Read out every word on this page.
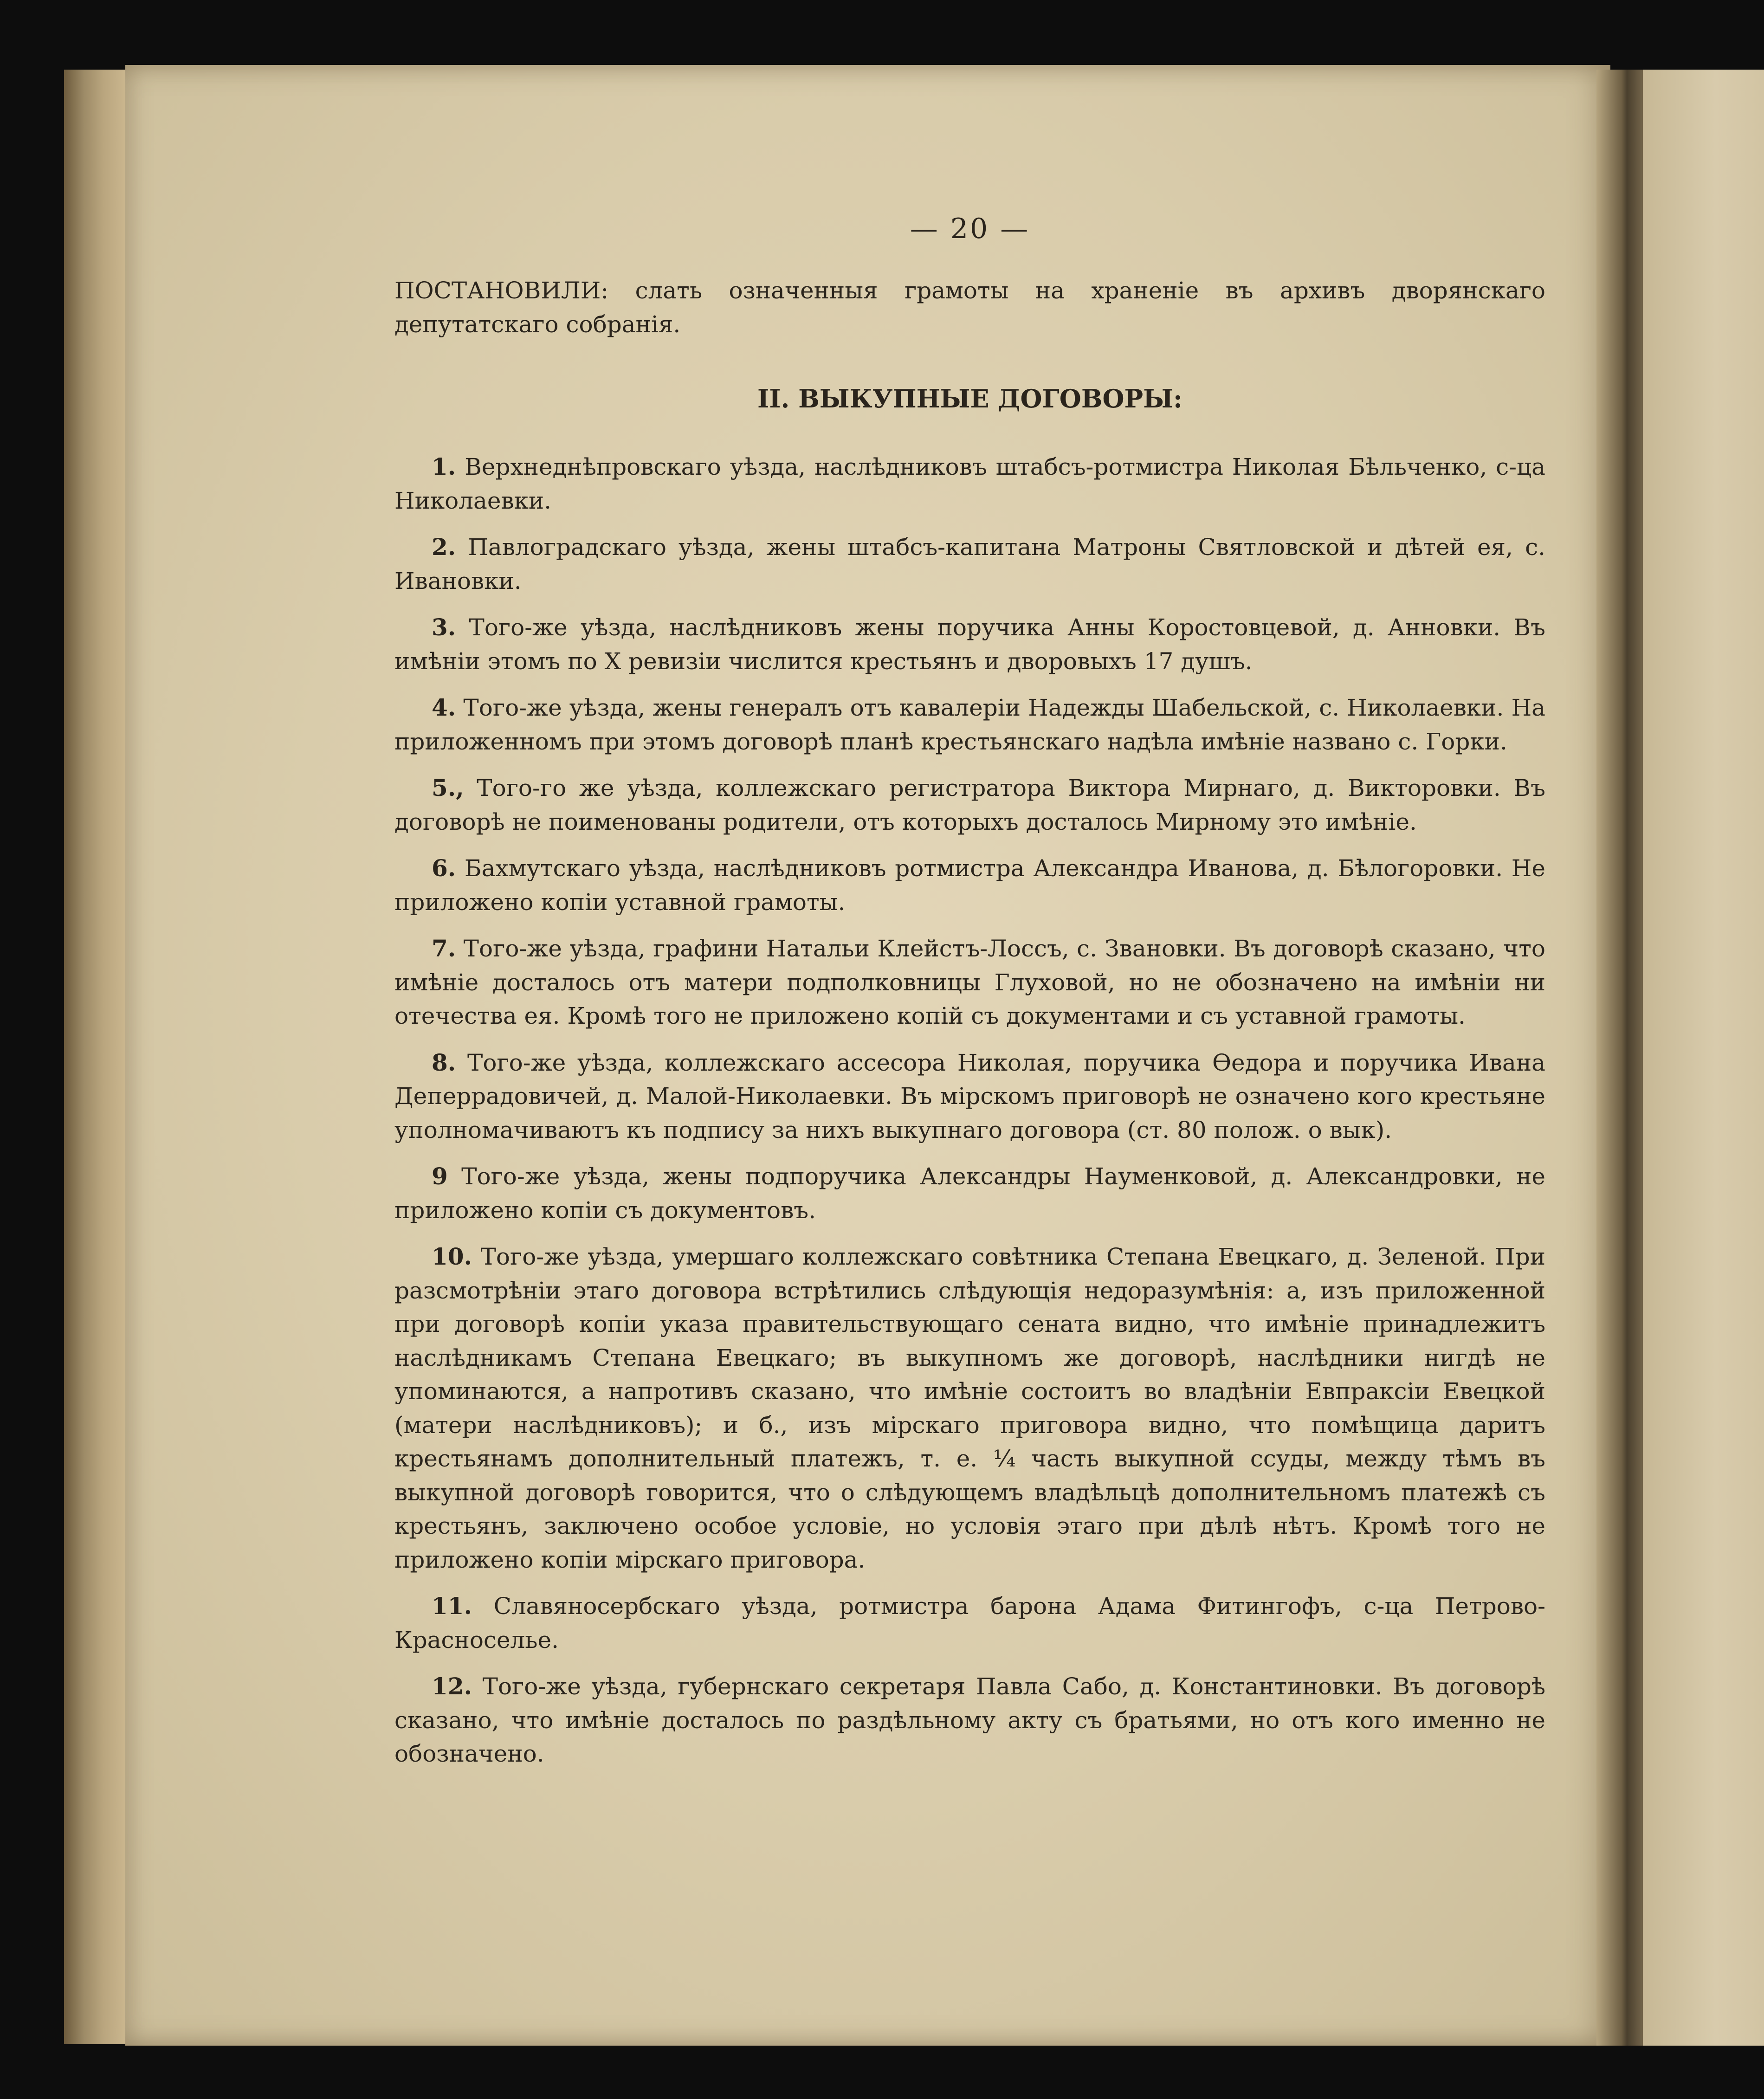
— 20 —
ПОСТАНОВИЛИ: слать означенныя грамоты на храненіе въ архивъ дворянскаго депутатскаго собранія.
II. ВЫКУПНЫЕ ДОГОВОРЫ:

1. Верхнеднѣпровскаго уѣзда, наслѣдниковъ штабсъ-ротмистра Николая Бѣльченко, с-ца Николаевки.

2. Павлоградскаго уѣзда, жены штабсъ-капитана Матроны Святловской и дѣтей ея, с. Ивановки.

3. Того-же уѣзда, наслѣдниковъ жены поручика Анны Коростовцевой, д. Анновки. Въ имѣніи этомъ по X ревизіи числится крестьянъ и дворовыхъ 17 душъ.

4. Того-же уѣзда, жены генералъ отъ кавалеріи Надежды Шабельской, с. Николаевки. На приложенномъ при этомъ договорѣ планѣ крестьянскаго надѣла имѣніе названо с. Горки.

5., Того-го же уѣзда, коллежскаго регистратора Виктора Мирнаго, д. Викторовки. Въ договорѣ не поименованы родители, отъ которыхъ досталось Мирному это имѣніе.

6. Бахмутскаго уѣзда, наслѣдниковъ ротмистра Александра Иванова, д. Бѣлогоровки. Не приложено копіи уставной грамоты.

7. Того-же уѣзда, графини Натальи Клейстъ-Лоссъ, с. Звановки. Въ договорѣ сказано, что имѣніе досталось отъ матери подполковницы Глуховой, но не обозначено на имѣніи ни отечества ея. Кромѣ того не приложено копій съ документами и съ уставной грамоты.

8. Того-же уѣзда, коллежскаго ассесора Николая, поручика Өедора и поручика Ивана Деперрадовичей, д. Малой-Николаевки. Въ мірскомъ приговорѣ не означено кого крестьяне уполномачиваютъ къ подпису за нихъ выкупнаго договора (ст. 80 полож. о вык).

9 Того-же уѣзда, жены подпоручика Александры Науменковой, д. Александровки, не приложено копіи съ документовъ.

10. Того-же уѣзда, умершаго коллежскаго совѣтника Степана Евецкаго, д. Зеленой. При разсмотрѣніи этаго договора встрѣтились слѣдующія недоразумѣнія: а, изъ приложенной при договорѣ копіи указа правительствующаго сената видно, что имѣніе принадлежитъ наслѣдникамъ Степана Евецкаго; въ выкупномъ же договорѣ, наслѣдники нигдѣ не упоминаются, а напротивъ сказано, что имѣніе состоитъ во владѣніи Евпраксіи Евецкой (матери наслѣдниковъ); и б., изъ мірскаго приговора видно, что помѣщица даритъ крестьянамъ дополнительный платежъ, т. е. ¼ часть выкупной ссуды, между тѣмъ въ выкупной договорѣ говорится, что о слѣдующемъ владѣльцѣ дополнительномъ платежѣ съ крестьянъ, заключено особое условіе, но условія этаго при дѣлѣ нѣтъ. Кромѣ того не приложено копіи мірскаго приговора.

11. Славяносербскаго уѣзда, ротмистра барона Адама Фитингофъ, с-ца Петрово-Красноселье.

12. Того-же уѣзда, губернскаго секретаря Павла Сабо, д. Константиновки. Въ договорѣ сказано, что имѣніе досталось по раздѣльному акту съ братьями, но отъ кого именно не обозначено.
